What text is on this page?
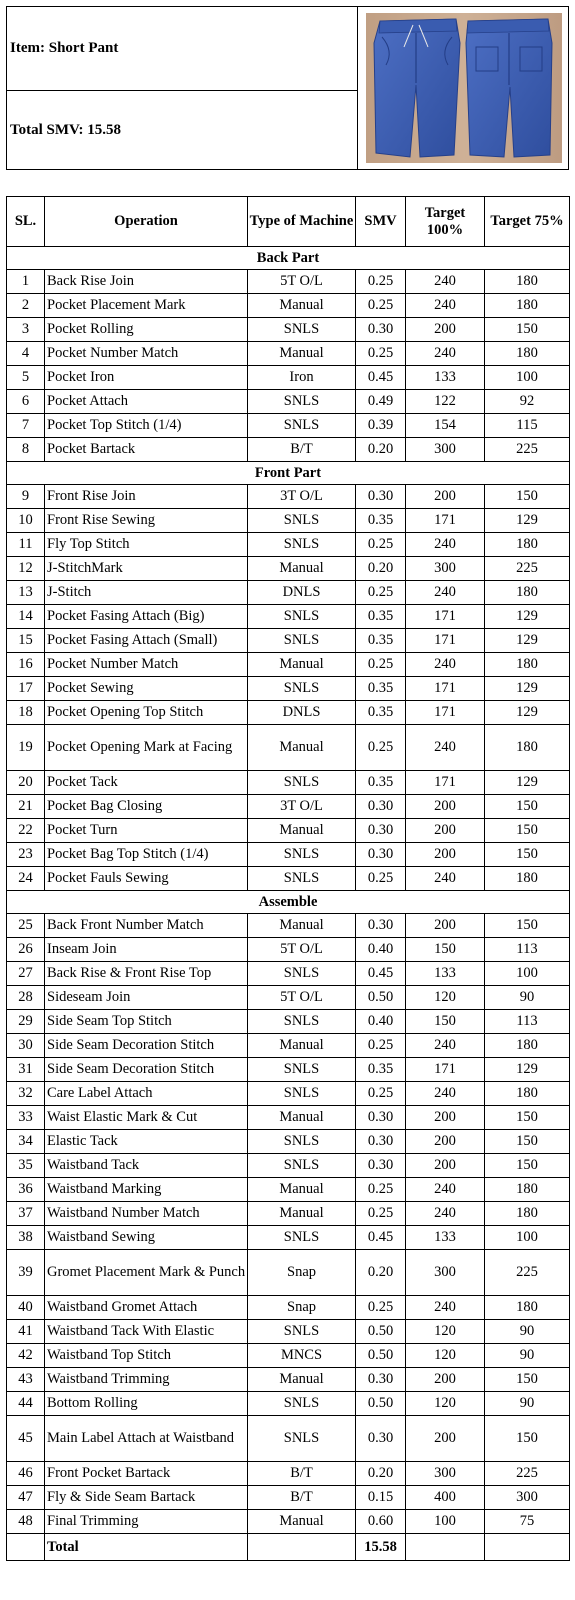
Item: Short Pant
Total SMV: 15.58
SL.	Operation	Type of Machine	SMV	Target 100%	Target 75%
Back Part					
1	Back Rise Join	5T O/L	0.25	240	180
2	Pocket Placement Mark	Manual	0.25	240	180
3	Pocket Rolling	SNLS	0.30	200	150
4	Pocket Number Match	Manual	0.25	240	180
5	Pocket Iron	Iron	0.45	133	100
6	Pocket Attach	SNLS	0.49	122	92
7	Pocket Top Stitch (1/4)	SNLS	0.39	154	115
8	Pocket Bartack	B/T	0.20	300	225
Front Part					
9	Front Rise Join	3T O/L	0.30	200	150
10	Front Rise Sewing	SNLS	0.35	171	129
11	Fly Top Stitch	SNLS	0.25	240	180
12	J-StitchMark	Manual	0.20	300	225
13	J-Stitch	DNLS	0.25	240	180
14	Pocket Fasing Attach (Big)	SNLS	0.35	171	129
15	Pocket Fasing Attach (Small)	SNLS	0.35	171	129
16	Pocket Number Match	Manual	0.25	240	180
17	Pocket Sewing	SNLS	0.35	171	129
18	Pocket Opening Top Stitch	DNLS	0.35	171	129
19	Pocket Opening Mark at Facing	Manual	0.25	240	180
20	Pocket Tack	SNLS	0.35	171	129
21	Pocket Bag Closing	3T O/L	0.30	200	150
22	Pocket Turn	Manual	0.30	200	150
23	Pocket Bag Top Stitch (1/4)	SNLS	0.30	200	150
24	Pocket Fauls Sewing	SNLS	0.25	240	180
Assemble					
25	Back Front Number Match	Manual	0.30	200	150
26	Inseam Join	5T O/L	0.40	150	113
27	Back Rise & Front Rise Top	SNLS	0.45	133	100
28	Sideseam Join	5T O/L	0.50	120	90
29	Side Seam Top Stitch	SNLS	0.40	150	113
30	Side Seam Decoration Stitch	Manual	0.25	240	180
31	Side Seam Decoration Stitch	SNLS	0.35	171	129
32	Care Label Attach	SNLS	0.25	240	180
33	Waist Elastic Mark & Cut	Manual	0.30	200	150
34	Elastic Tack	SNLS	0.30	200	150
35	Waistband Tack	SNLS	0.30	200	150
36	Waistband Marking	Manual	0.25	240	180
37	Waistband Number Match	Manual	0.25	240	180
38	Waistband Sewing	SNLS	0.45	133	100
39	Gromet Placement Mark & Punch	Snap	0.20	300	225
40	Waistband Gromet Attach	Snap	0.25	240	180
41	Waistband Tack With Elastic	SNLS	0.50	120	90
42	Waistband Top Stitch	MNCS	0.50	120	90
43	Waistband Trimming	Manual	0.30	200	150
44	Bottom Rolling	SNLS	0.50	120	90
45	Main Label Attach at Waistband	SNLS	0.30	200	150
46	Front Pocket Bartack	B/T	0.20	300	225
47	Fly & Side Seam Bartack	B/T	0.15	400	300
48	Final Trimming	Manual	0.60	100	75
	Total		15.58		
